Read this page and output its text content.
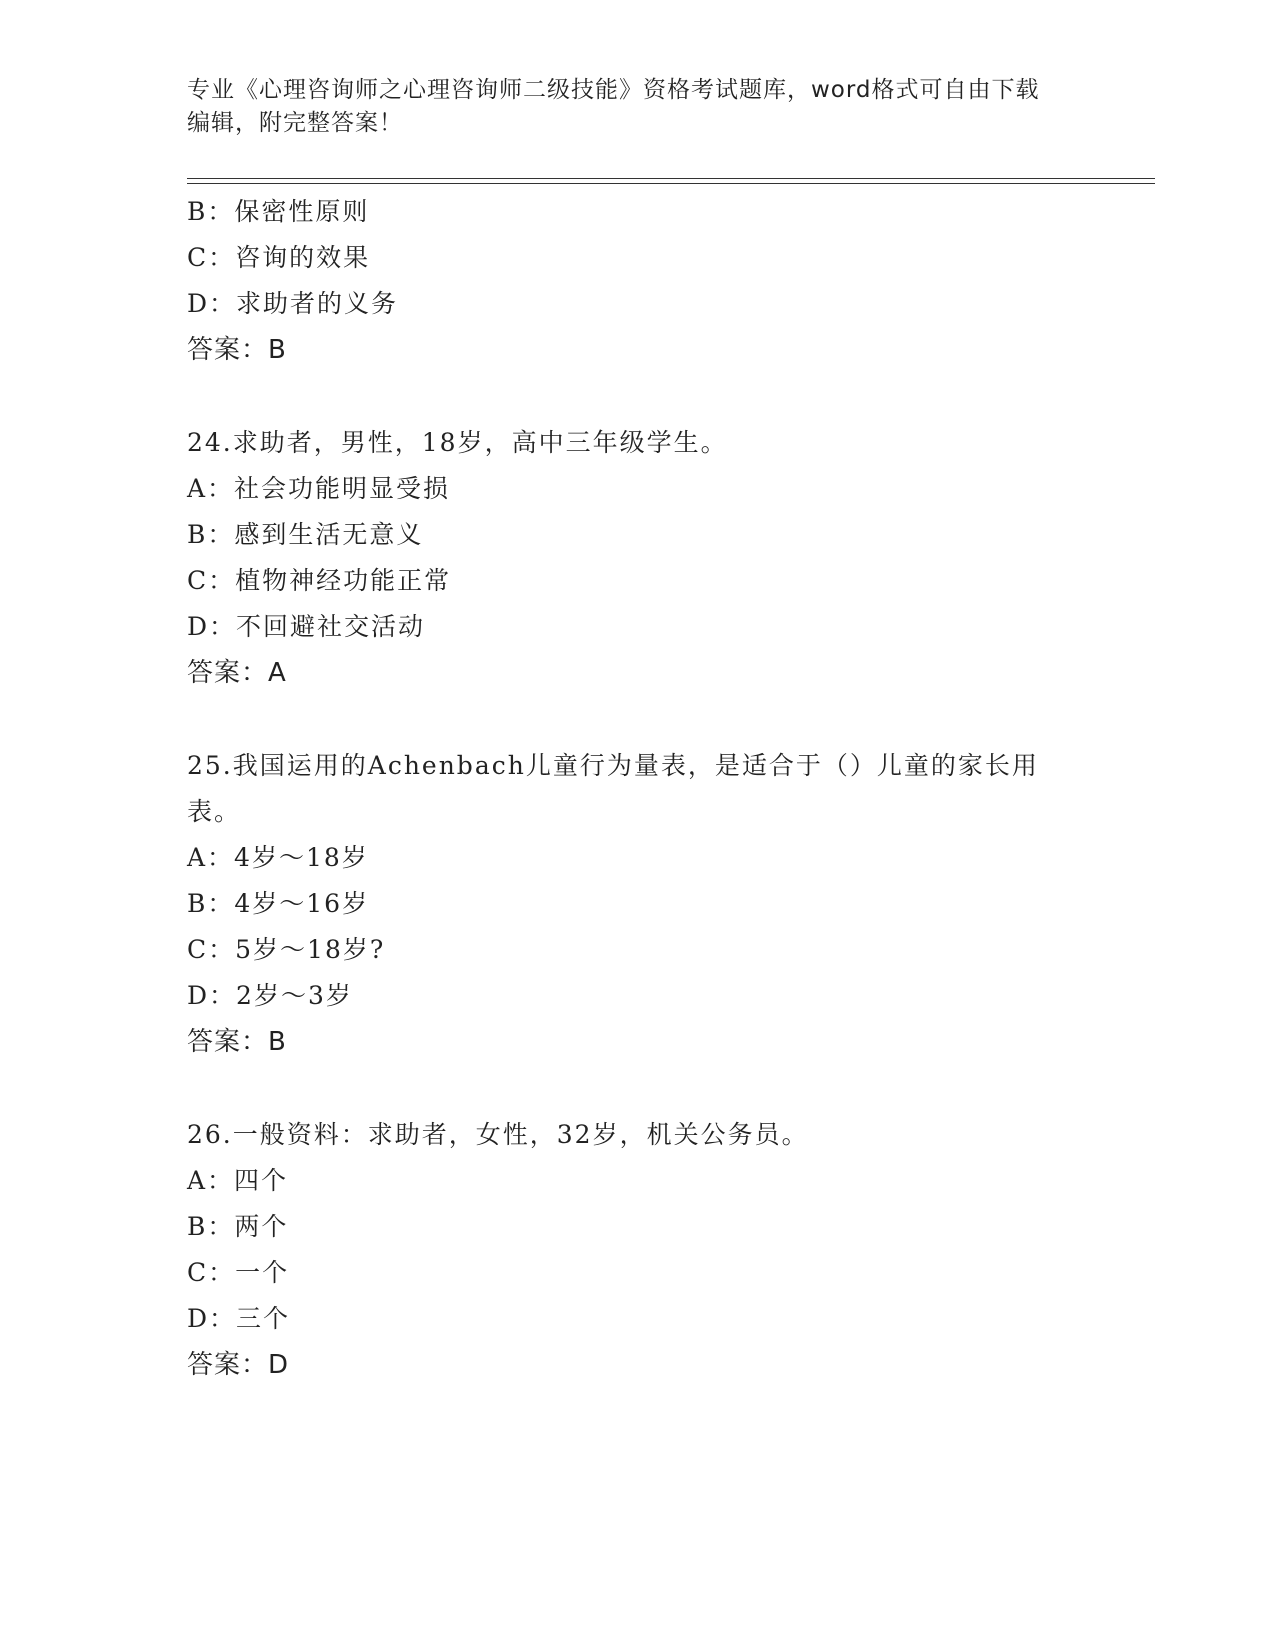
专业《心理咨询师之心理咨询师二级技能》资格考试题库，word格式可自由下载
编辑，附完整答案！
B：保密性原则
C：咨询的效果
D：求助者的义务
答案：B
24.求助者，男性，18岁，高中三年级学生。
A：社会功能明显受损
B：感到生活无意义
C：植物神经功能正常
D：不回避社交活动
答案：A
25.我国运用的Achenbach儿童行为量表，是适合于（）儿童的家长用
表。
A：4岁～18岁
B：4岁～16岁
C：5岁～18岁?
D：2岁～3岁
答案：B
26.一般资料：求助者，女性，32岁，机关公务员。
A：四个
B：两个
C：一个
D：三个
答案：D
